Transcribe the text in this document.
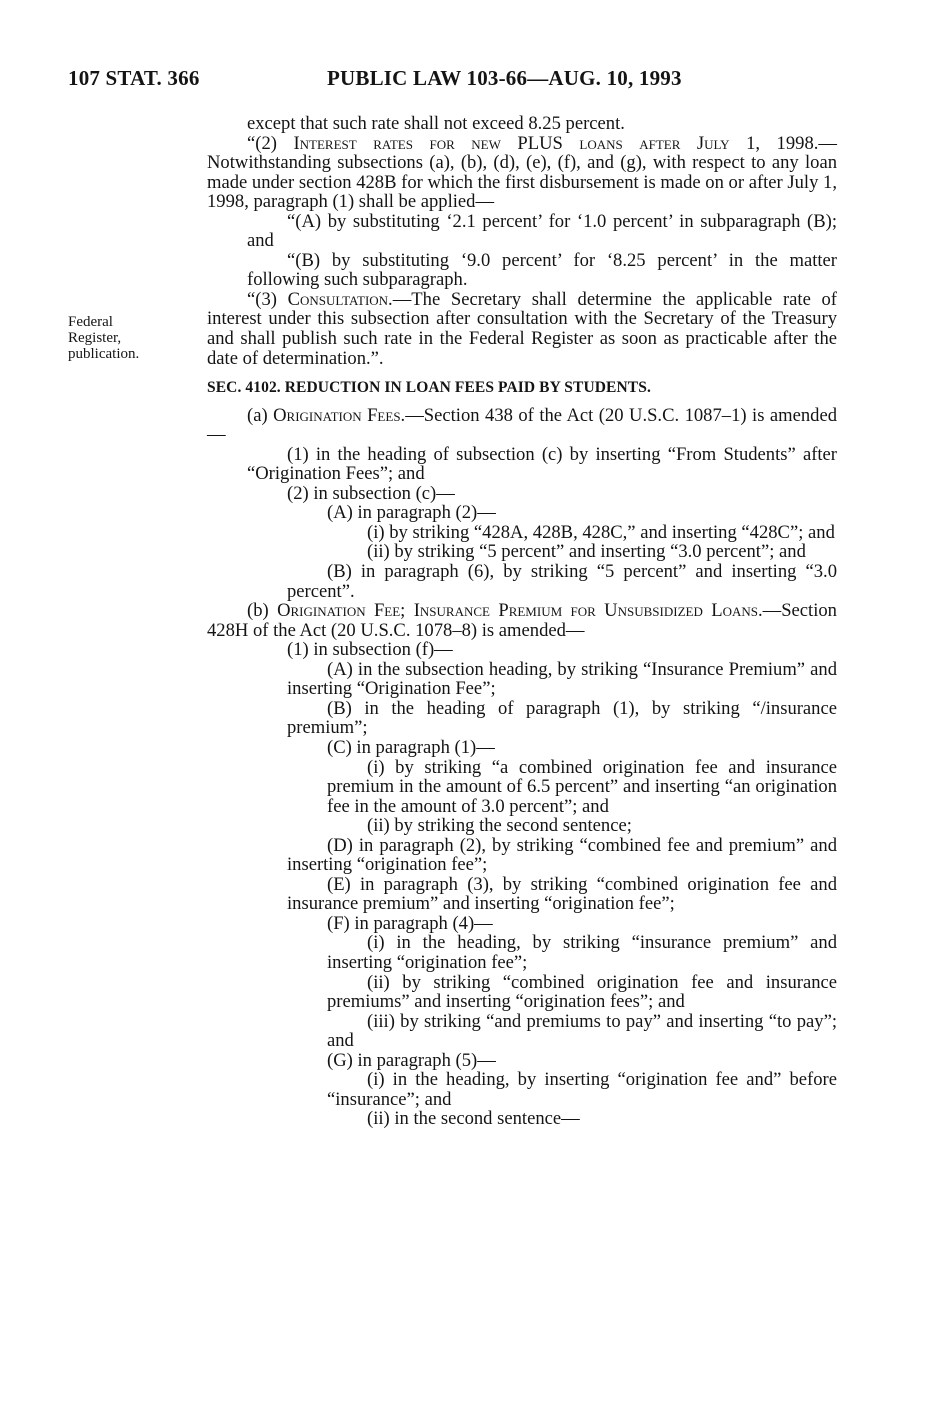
107 STAT. 366	PUBLIC LAW 103-66—AUG. 10, 1993
Federal
Register,
publication.
except that such rate shall not exceed 8.25 percent.
“(2) Interest rates for new PLUS loans after July 1, 1998.—Notwithstanding subsections (a), (b), (d), (e), (f), and (g), with respect to any loan made under section 428B for which the first disbursement is made on or after July 1, 1998, paragraph (1) shall be applied—
“(A) by substituting ‘2.1 percent’ for ‘1.0 percent’ in subparagraph (B); and
“(B) by substituting ‘9.0 percent’ for ‘8.25 percent’ in the matter following such subparagraph.
“(3) Consultation.—The Secretary shall determine the applicable rate of interest under this subsection after consultation with the Secretary of the Treasury and shall publish such rate in the Federal Register as soon as practicable after the date of determination.”.
SEC. 4102. REDUCTION IN LOAN FEES PAID BY STUDENTS.
(a) Origination Fees.—Section 438 of the Act (20 U.S.C. 1087–1) is amended—
(1) in the heading of subsection (c) by inserting “From Students” after “Origination Fees”; and
(2) in subsection (c)—
(A) in paragraph (2)—
(i) by striking “428A, 428B, 428C,” and inserting “428C”; and
(ii) by striking “5 percent” and inserting “3.0 percent”; and
(B) in paragraph (6), by striking “5 percent” and inserting “3.0 percent”.
(b) Origination Fee; Insurance Premium for Unsubsidized Loans.—Section 428H of the Act (20 U.S.C. 1078–8) is amended—
(1) in subsection (f)—
(A) in the subsection heading, by striking “Insurance Premium” and inserting “Origination Fee”;
(B) in the heading of paragraph (1), by striking “/insurance premium”;
(C) in paragraph (1)—
(i) by striking “a combined origination fee and insurance premium in the amount of 6.5 percent” and inserting “an origination fee in the amount of 3.0 percent”; and
(ii) by striking the second sentence;
(D) in paragraph (2), by striking “combined fee and premium” and inserting “origination fee”;
(E) in paragraph (3), by striking “combined origination fee and insurance premium” and inserting “origination fee”;
(F) in paragraph (4)—
(i) in the heading, by striking “insurance premium” and inserting “origination fee”;
(ii) by striking “combined origination fee and insurance premiums” and inserting “origination fees”; and
(iii) by striking “and premiums to pay” and inserting “to pay”; and
(G) in paragraph (5)—
(i) in the heading, by inserting “origination fee and” before “insurance”; and
(ii) in the second sentence—
